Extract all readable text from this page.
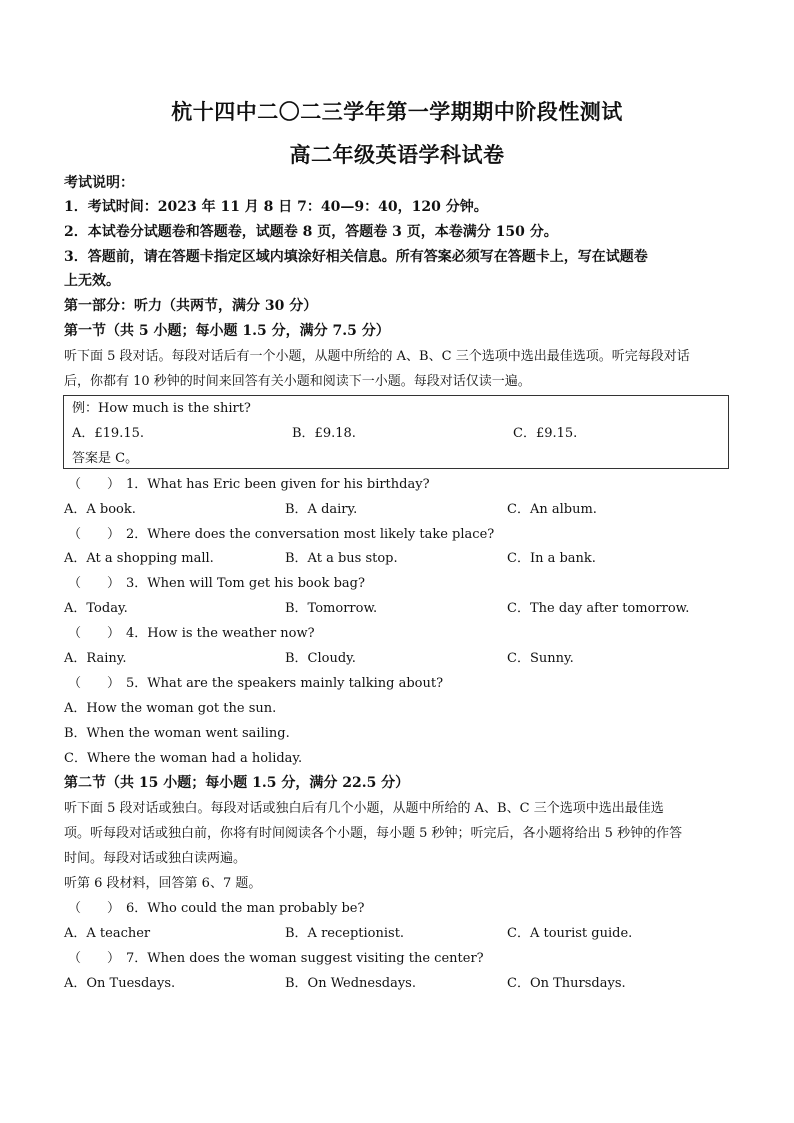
杭十四中二〇二三学年第一学期期中阶段性测试
高二年级英语学科试卷
考试说明：
1．考试时间：2023 年 11 月 8 日 7：40—9：40，120 分钟。
2．本试卷分试题卷和答题卷，试题卷 8 页，答题卷 3 页，本卷满分 150 分。
3．答题前，请在答题卡指定区域内填涂好相关信息。所有答案必须写在答题卡上，写在试题卷
上无效。
第一部分：听力（共两节，满分 30 分）
第一节（共 5 小题；每小题 1.5 分，满分 7.5 分）
听下面 5 段对话。每段对话后有一个小题，从题中所给的 A、B、C 三个选项中选出最佳选项。听完每段对话
后，你都有 10 秒钟的时间来回答有关小题和阅读下一小题。每段对话仅读一遍。
例：How much is the shirt?
A．£19.15.	B．£9.18.	C．£9.15.
答案是 C。
（　　） 1．What has Eric been given for his birthday?
A．A book.	B．A dairy.	C．An album.
（　　） 2．Where does the conversation most likely take place?
A．At a shopping mall.	B．At a bus stop.	C．In a bank.
（　　） 3．When will Tom get his book bag?
A．Today.	B．Tomorrow.	C．The day after tomorrow.
（　　） 4．How is the weather now?
A．Rainy.	B．Cloudy.	C．Sunny.
（　　） 5．What are the speakers mainly talking about?
A．How the woman got the sun.
B．When the woman went sailing.
C．Where the woman had a holiday.
第二节（共 15 小题；每小题 1.5 分，满分 22.5 分）
听下面 5 段对话或独白。每段对话或独白后有几个小题，从题中所给的 A、B、C 三个选项中选出最佳选
项。听每段对话或独白前，你将有时间阅读各个小题，每小题 5 秒钟；听完后，各小题将给出 5 秒钟的作答
时间。每段对话或独白读两遍。
听第 6 段材料，回答第 6、7 题。
（　　） 6．Who could the man probably be?
A．A teacher	B．A receptionist.	C．A tourist guide.
（　　） 7．When does the woman suggest visiting the center?
A．On Tuesdays.	B．On Wednesdays.	C．On Thursdays.
